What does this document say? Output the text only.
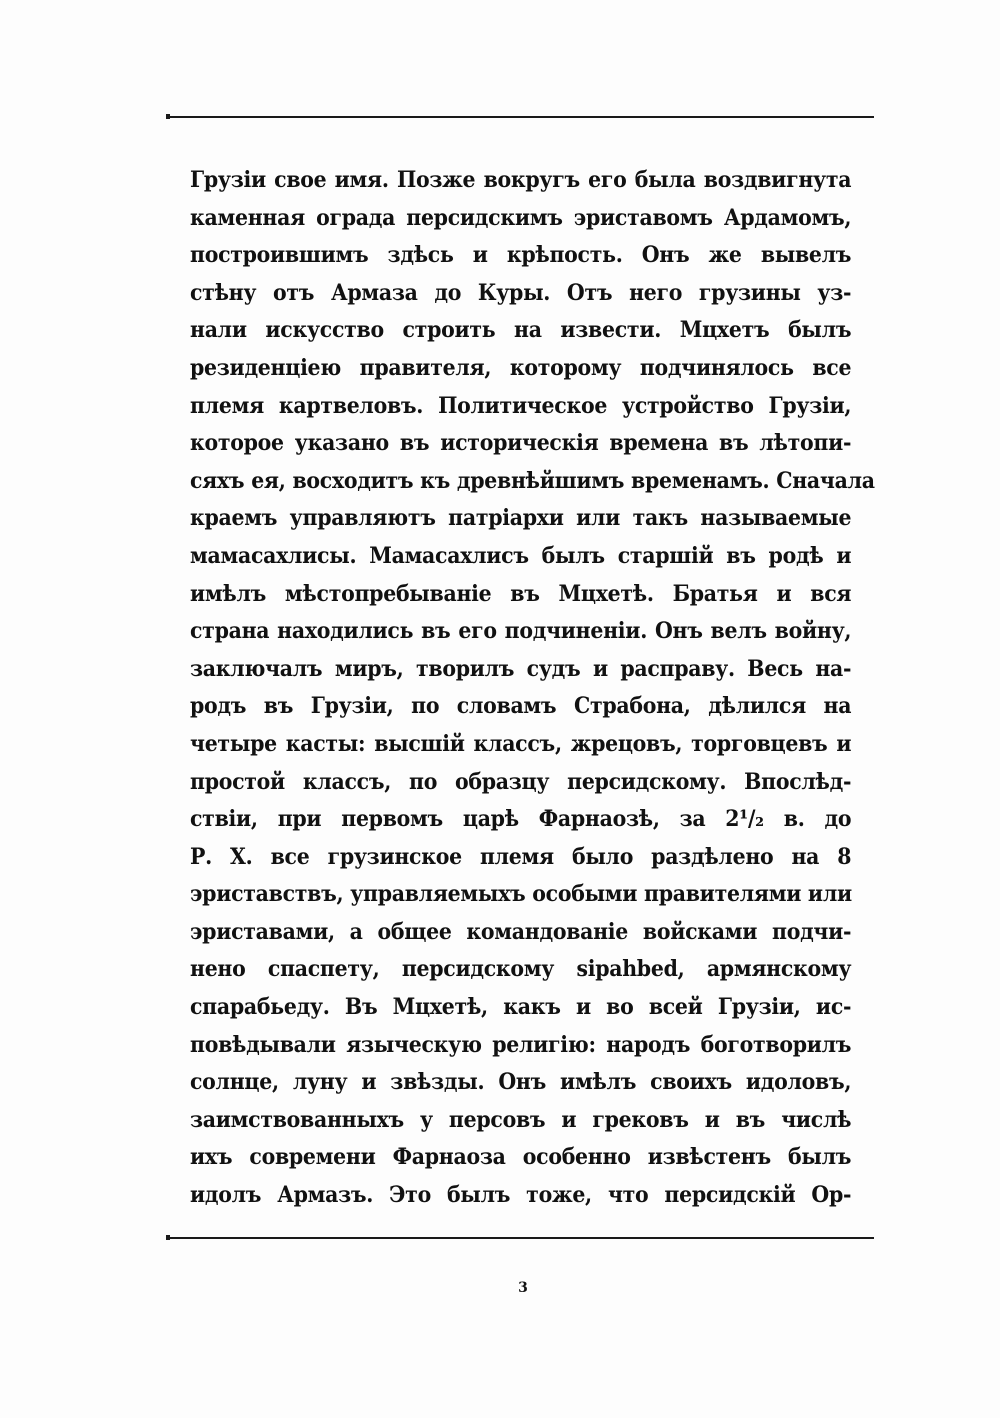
Грузіи свое имя. Позже вокругъ его была воздвигнута
каменная ограда персидскимъ эриставомъ Ардамомъ,
построившимъ здѣсь и крѣпость. Онъ же вывелъ
стѣну отъ Армаза до Куры. Отъ него грузины уз-
нали искусство строить на извести. Мцхетъ былъ
резиденціею правителя, которому подчинялось все
племя картвеловъ. Политическое устройство Грузіи,
которое указано въ историческія времена въ лѣтопи-
сяхъ ея, восходитъ къ древнѣйшимъ временамъ. Сначала
краемъ управляютъ патріархи или такъ называемые
мамасахлисы. Мамасахлисъ былъ старшій въ родѣ и
имѣлъ мѣстопребываніе въ Мцхетѣ. Братья и вся
страна находились въ его подчиненіи. Онъ велъ войну,
заключалъ миръ, творилъ судъ и расправу. Весь на-
родъ въ Грузіи, по словамъ Страбона, дѣлился на
четыре касты: высшій классъ, жрецовъ, торговцевъ и
простой классъ, по образцу персидскому. Впослѣд-
ствіи, при первомъ царѣ Фарнаозѣ, за 2¹/₂ в. до
Р. Х. все грузинское племя было раздѣлено на 8
эриставствъ, управляемыхъ особыми правителями или
эриставами, а общее командованіе войсками подчи-
нено спаспету, персидскому sipahbed, армянскому
спарабьеду. Въ Мцхетѣ, какъ и во всей Грузіи, ис-
повѣдывали языческую религію: народъ боготворилъ
солнце, луну и звѣзды. Онъ имѣлъ своихъ идоловъ,
заимствованныхъ у персовъ и грековъ и въ числѣ
ихъ современи Фарнаоза особенно извѣстенъ былъ
идолъ Армазъ. Это былъ тоже, что персидскій Ор-
3
